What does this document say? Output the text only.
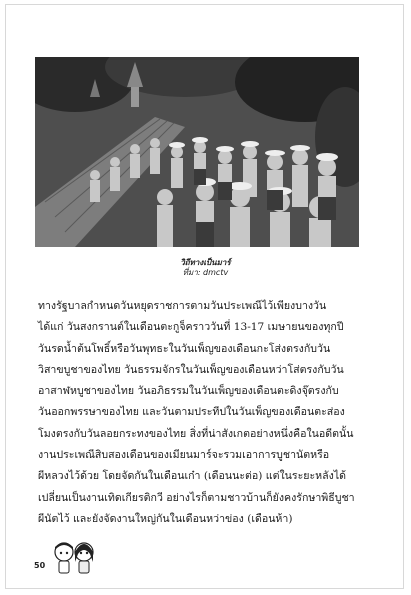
วิถีทางเป็นมาร์
ที่มา: dmctv
ทางรัฐบาลกำหนดวันหยุดราชการตามวันประเพณีไว้เพียงบางวัน
ได้แก่ วันสงกรานต์ในเดือนตะกูจ็คราววันที่ 13-17 เมษายนของทุกปี
วันรดน้ำต้นโพธิ์หรือวันพุทธะในวันเพ็ญของเดือนกะโส่งตรงกับวัน
วิสาขบูชาของไทย วันธรรมจักรในวันเพ็ญของเดือนหว่าโส่ตรงกับวัน
อาสาฬหบูชาของไทย วันอภิธรรมในวันเพ็ญของเดือนตะดิงจุ๊ตรงกับ
วันออกพรรษาของไทย และวันตามประทีปในวันเพ็ญของเดือนตะส่อง
โมงตรงกับวันลอยกระทงของไทย สิ่งที่น่าสังเกตอย่างหนึ่งคือในอดีตนั้น
งานประเพณีสิบสองเดือนของเมียนมาร์จะรวมเอาการบูชานัตหรือ
ผีหลวงไว้ด้วย โดยจัดกันในเดือนเก๋า (เดือนนะต่อ) แต่ในระยะหลังได้
เปลี่ยนเป็นงานเทิดเกียรติกวี อย่างไรก็ตามชาวบ้านก็ยังคงรักษาพิธีบูชา
ผีนัตไว้ และยังจัดงานใหญ่กันในเดือนหว่าข่อง (เดือนห้า)
50
